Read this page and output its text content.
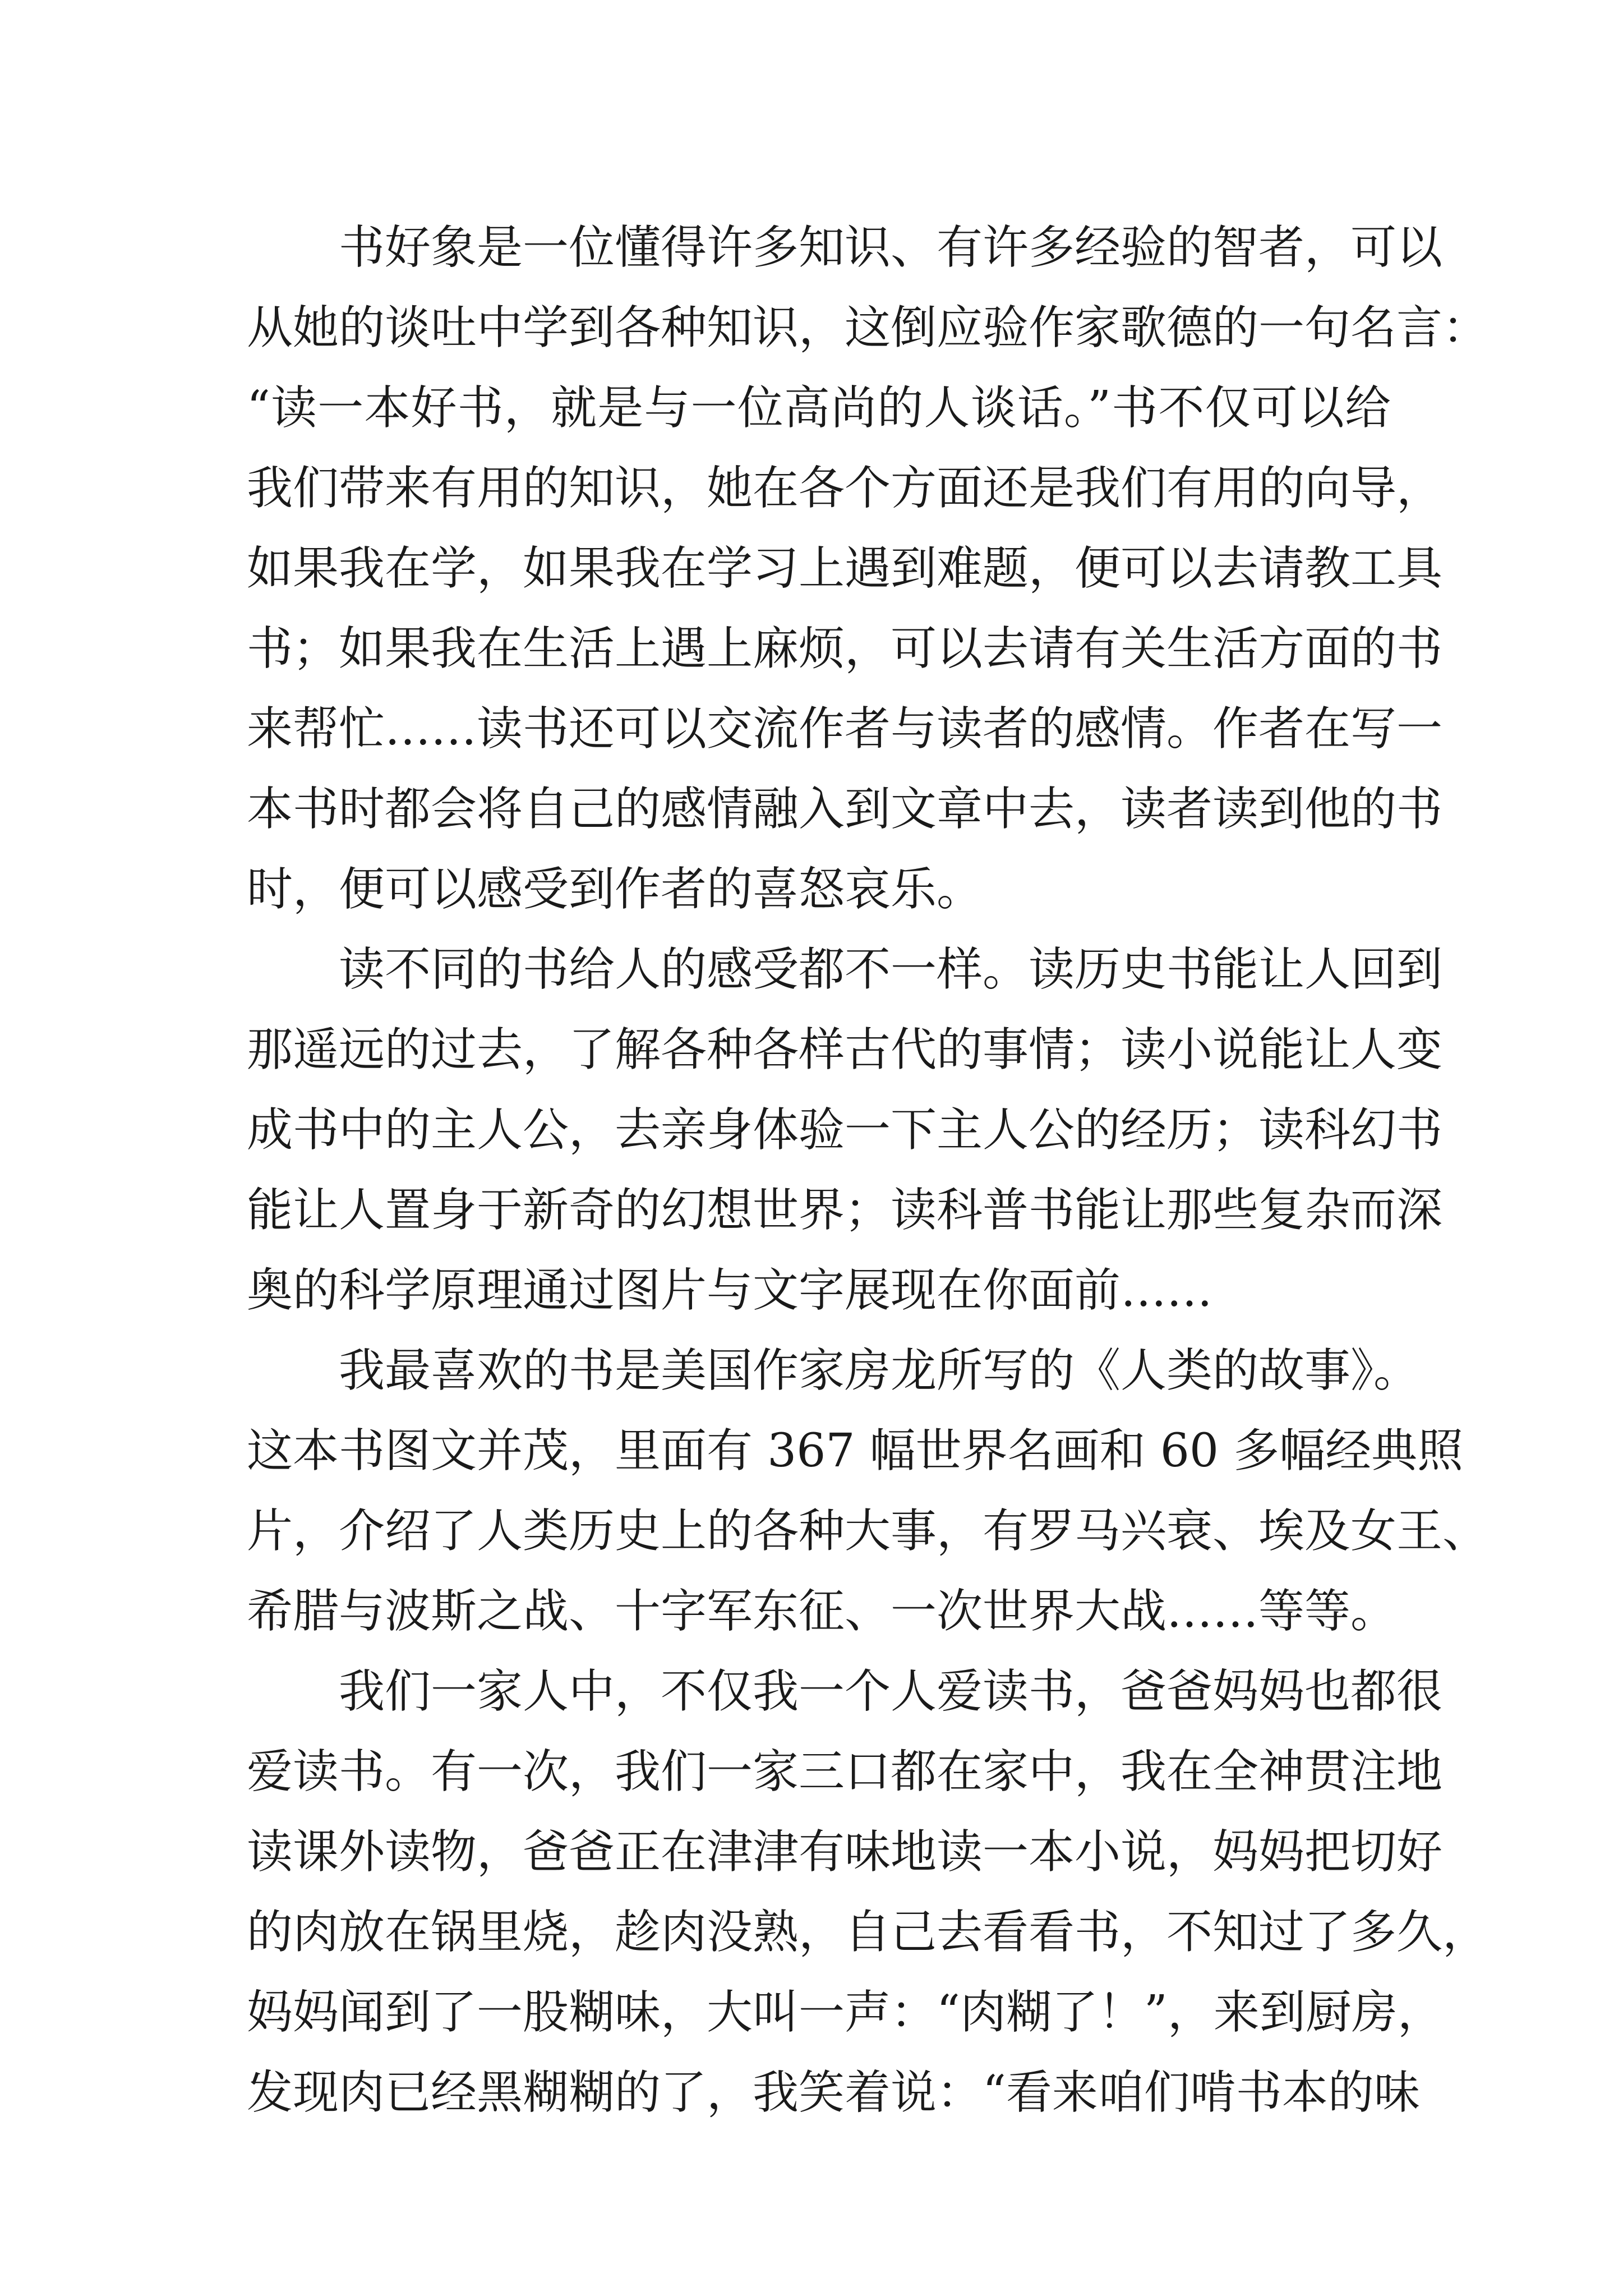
　　书好象是一位懂得许多知识、有许多经验的智者，可以
从她的谈吐中学到各种知识，这倒应验作家歌德的一句名言：
“读一本好书，就是与一位高尚的人谈话。”书不仅可以给
我们带来有用的知识，她在各个方面还是我们有用的向导，
如果我在学，如果我在学习上遇到难题，便可以去请教工具
书；如果我在生活上遇上麻烦，可以去请有关生活方面的书
来帮忙……读书还可以交流作者与读者的感情。作者在写一
本书时都会将自己的感情融入到文章中去，读者读到他的书
时，便可以感受到作者的喜怒哀乐。
　　读不同的书给人的感受都不一样。读历史书能让人回到
那遥远的过去，了解各种各样古代的事情；读小说能让人变
成书中的主人公，去亲身体验一下主人公的经历；读科幻书
能让人置身于新奇的幻想世界；读科普书能让那些复杂而深
奥的科学原理通过图片与文字展现在你面前……
　　我最喜欢的书是美国作家房龙所写的《人类的故事》。
这本书图文并茂，里面有 367 幅世界名画和 60 多幅经典照
片，介绍了人类历史上的各种大事，有罗马兴衰、埃及女王、
希腊与波斯之战、十字军东征、一次世界大战……等等。
　　我们一家人中，不仅我一个人爱读书，爸爸妈妈也都很
爱读书。有一次，我们一家三口都在家中，我在全神贯注地
读课外读物，爸爸正在津津有味地读一本小说，妈妈把切好
的肉放在锅里烧，趁肉没熟，自己去看看书，不知过了多久，
妈妈闻到了一股糊味，大叫一声：“肉糊了！”，来到厨房，
发现肉已经黑糊糊的了，我笑着说：“看来咱们啃书本的味
